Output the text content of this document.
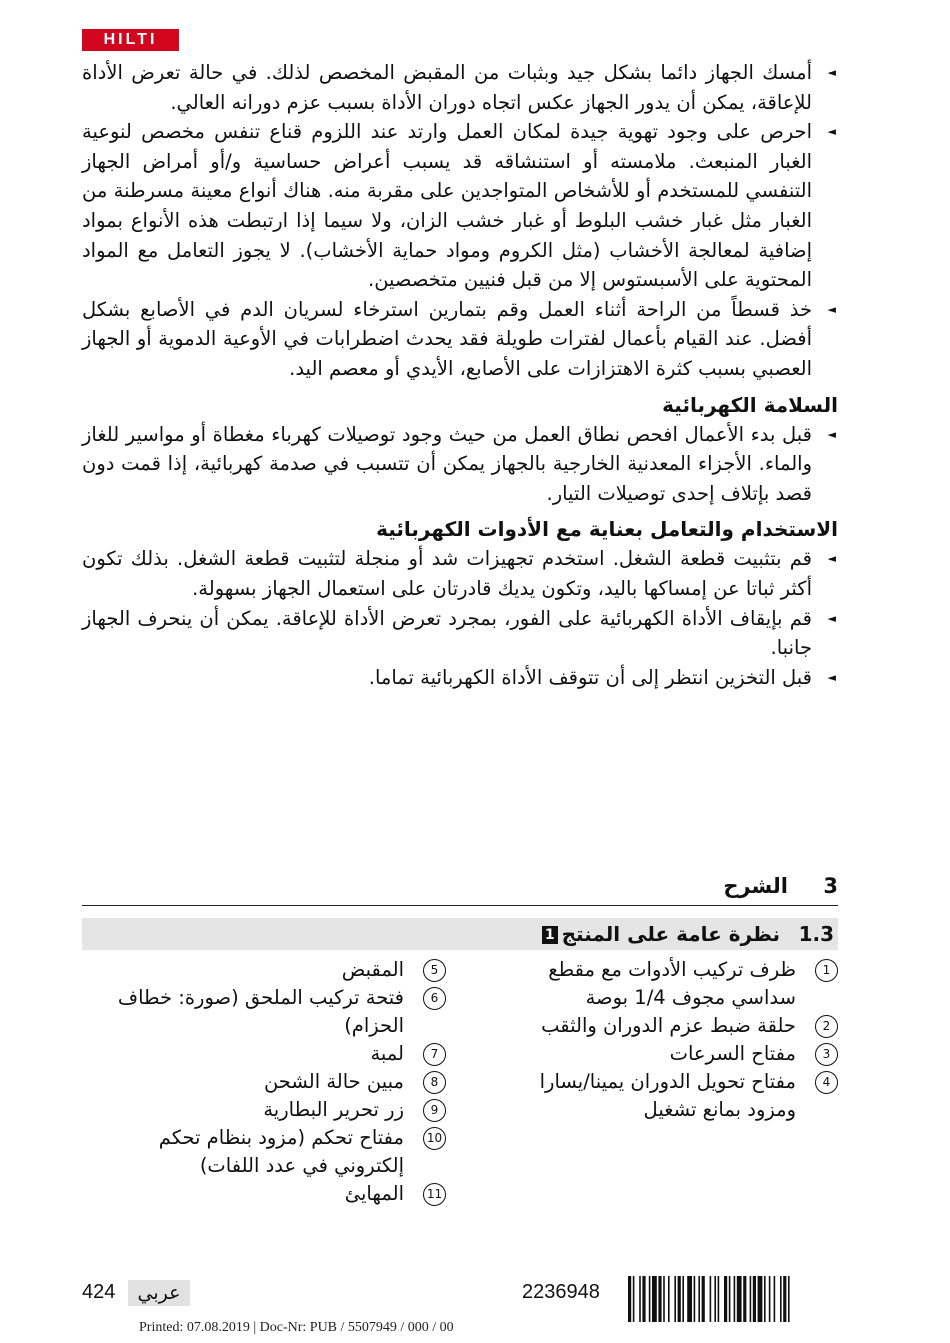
HILTI
◄
أمسك الجهاز دائما بشكل جيد وبثبات من المقبض المخصص لذلك. في حالة تعرض الأداة للإعاقة، يمكن أن يدور الجهاز عكس اتجاه دوران الأداة بسبب عزم دورانه العالي.
◄
احرص على وجود تهوية جيدة لمكان العمل وارتد عند اللزوم قناع تنفس مخصص لنوعية الغبار المنبعث. ملامسته أو استنشاقه قد يسبب أعراض حساسية و/أو أمراض الجهاز التنفسي للمستخدم أو للأشخاص المتواجدين على مقربة منه. هناك أنواع معينة مسرطنة من الغبار مثل غبار خشب البلوط أو غبار خشب الزان، ولا سيما إذا ارتبطت هذه الأنواع بمواد إضافية لمعالجة الأخشاب (مثل الكروم ومواد حماية الأخشاب). لا يجوز التعامل مع المواد المحتوية على الأسبستوس إلا من قبل فنيين متخصصين.
◄
خذ قسطاً من الراحة أثناء العمل وقم بتمارين استرخاء لسريان الدم في الأصابع بشكل أفضل. عند القيام بأعمال لفترات طويلة فقد يحدث اضطرابات في الأوعية الدموية أو الجهاز العصبي بسبب كثرة الاهتزازات على الأصابع، الأيدي أو معصم اليد.
السلامة الكهربائية
◄
قبل بدء الأعمال افحص نطاق العمل من حيث وجود توصيلات كهرباء مغطاة أو مواسير للغاز والماء. الأجزاء المعدنية الخارجية بالجهاز يمكن أن تتسبب في صدمة كهربائية، إذا قمت دون قصد بإتلاف إحدى توصيلات التيار.
الاستخدام والتعامل بعناية مع الأدوات الكهربائية
◄
قم بتثبيت قطعة الشغل. استخدم تجهيزات شد أو منجلة لتثبيت قطعة الشغل. بذلك تكون أكثر ثباتا عن إمساكها باليد، وتكون يديك قادرتان على استعمال الجهاز بسهولة.
◄
قم بإيقاف الأداة الكهربائية على الفور، بمجرد تعرض الأداة للإعاقة. يمكن أن ينحرف الجهاز جانبا.
◄
قبل التخزين انتظر إلى أن تتوقف الأداة الكهربائية تماما.
3
الشرح
1.3
نظرة عامة على المنتج1
1
ظرف تركيب الأدوات مع مقطع سداسي مجوف 1/4 بوصة
2
حلقة ضبط عزم الدوران والثقب
3
مفتاح السرعات
4
مفتاح تحويل الدوران يمينا/يسارا ومزود بمانع تشغيل
5
المقبض
6
فتحة تركيب الملحق (صورة: خطاف الحزام)
7
لمبة
8
مبين حالة الشحن
9
زر تحرير البطارية
10
مفتاح تحكم (مزود بنظام تحكم إلكتروني في عدد اللفات)
11
المهايئ
424	عربي	2236948
Printed: 07.08.2019 | Doc-Nr: PUB / 5507949 / 000 / 00
